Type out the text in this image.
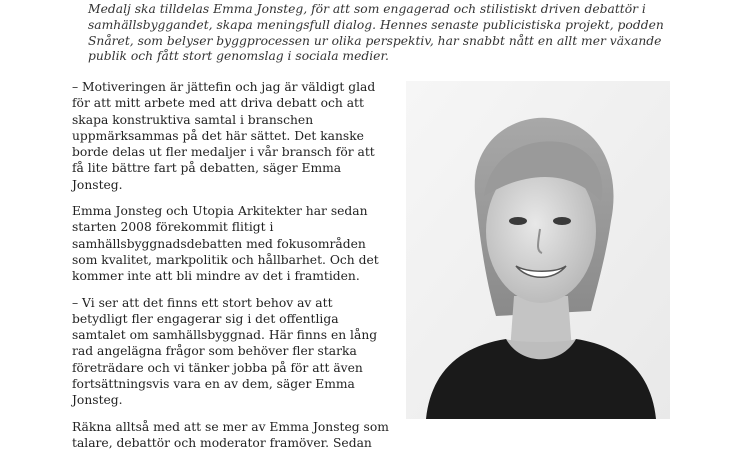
Medalj ska tilldelas Emma Jonsteg, för att som engagerad och stilistiskt driven debattör i samhällsbyggandet, skapa meningsfull dialog. Hennes senaste publicistiska projekt, podden Snåret, som belyser byggprocessen ur olika perspektiv, har snabbt nått en allt mer växande publik och fått stort genomslag i sociala medier.

– Motiveringen är jättefin och jag är väldigt glad för att mitt arbete med att driva debatt och att skapa konstruktiva samtal i branschen uppmärksammas på det här sättet. Det kanske borde delas ut fler medaljer i vår bransch för att få lite bättre fart på debatten, säger Emma Jonsteg.

Emma Jonsteg och Utopia Arkitekter har sedan starten 2008 förekommit flitigt i samhällsbyggnadsdebatten med fokusområden som kvalitet, markpolitik och hållbarhet. Och det kommer inte att bli mindre av det i framtiden.

– Vi ser att det finns ett stort behov av att betydligt fler engagerar sig i det offentliga samtalet om samhällsbyggnad. Här finns en lång rad angelägna frågor som behöver fler starka företrädare och vi tänker jobba på för att även fortsättningsvis vara en av dem, säger Emma Jonsteg.

Räkna alltså med att se mer av Emma Jonsteg som talare, debattör och moderator framöver. Sedan
